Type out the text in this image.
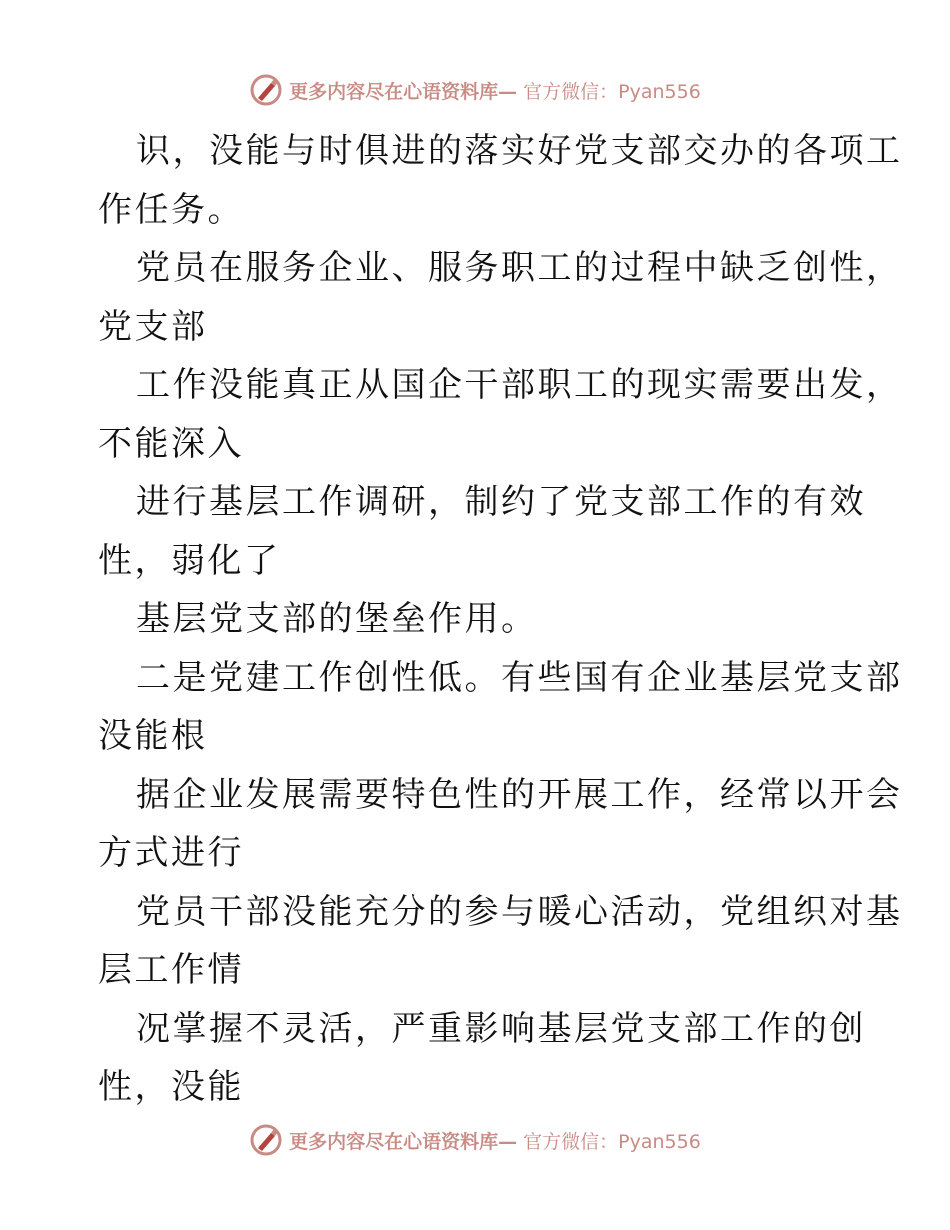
更多内容尽在心语资料库— 官方微信：Pyan556
识，没能与时俱进的落实好党支部交办的各项工
作任务。
党员在服务企业、服务职工的过程中缺乏创性，
党支部
工作没能真正从国企干部职工的现实需要出发，
不能深入
进行基层工作调研，制约了党支部工作的有效
性，弱化了
基层党支部的堡垒作用。
二是党建工作创性低。有些国有企业基层党支部
没能根
据企业发展需要特色性的开展工作，经常以开会
方式进行
党员干部没能充分的参与暖心活动，党组织对基
层工作情
况掌握不灵活，严重影响基层党支部工作的创
性，没能
更多内容尽在心语资料库— 官方微信：Pyan556
